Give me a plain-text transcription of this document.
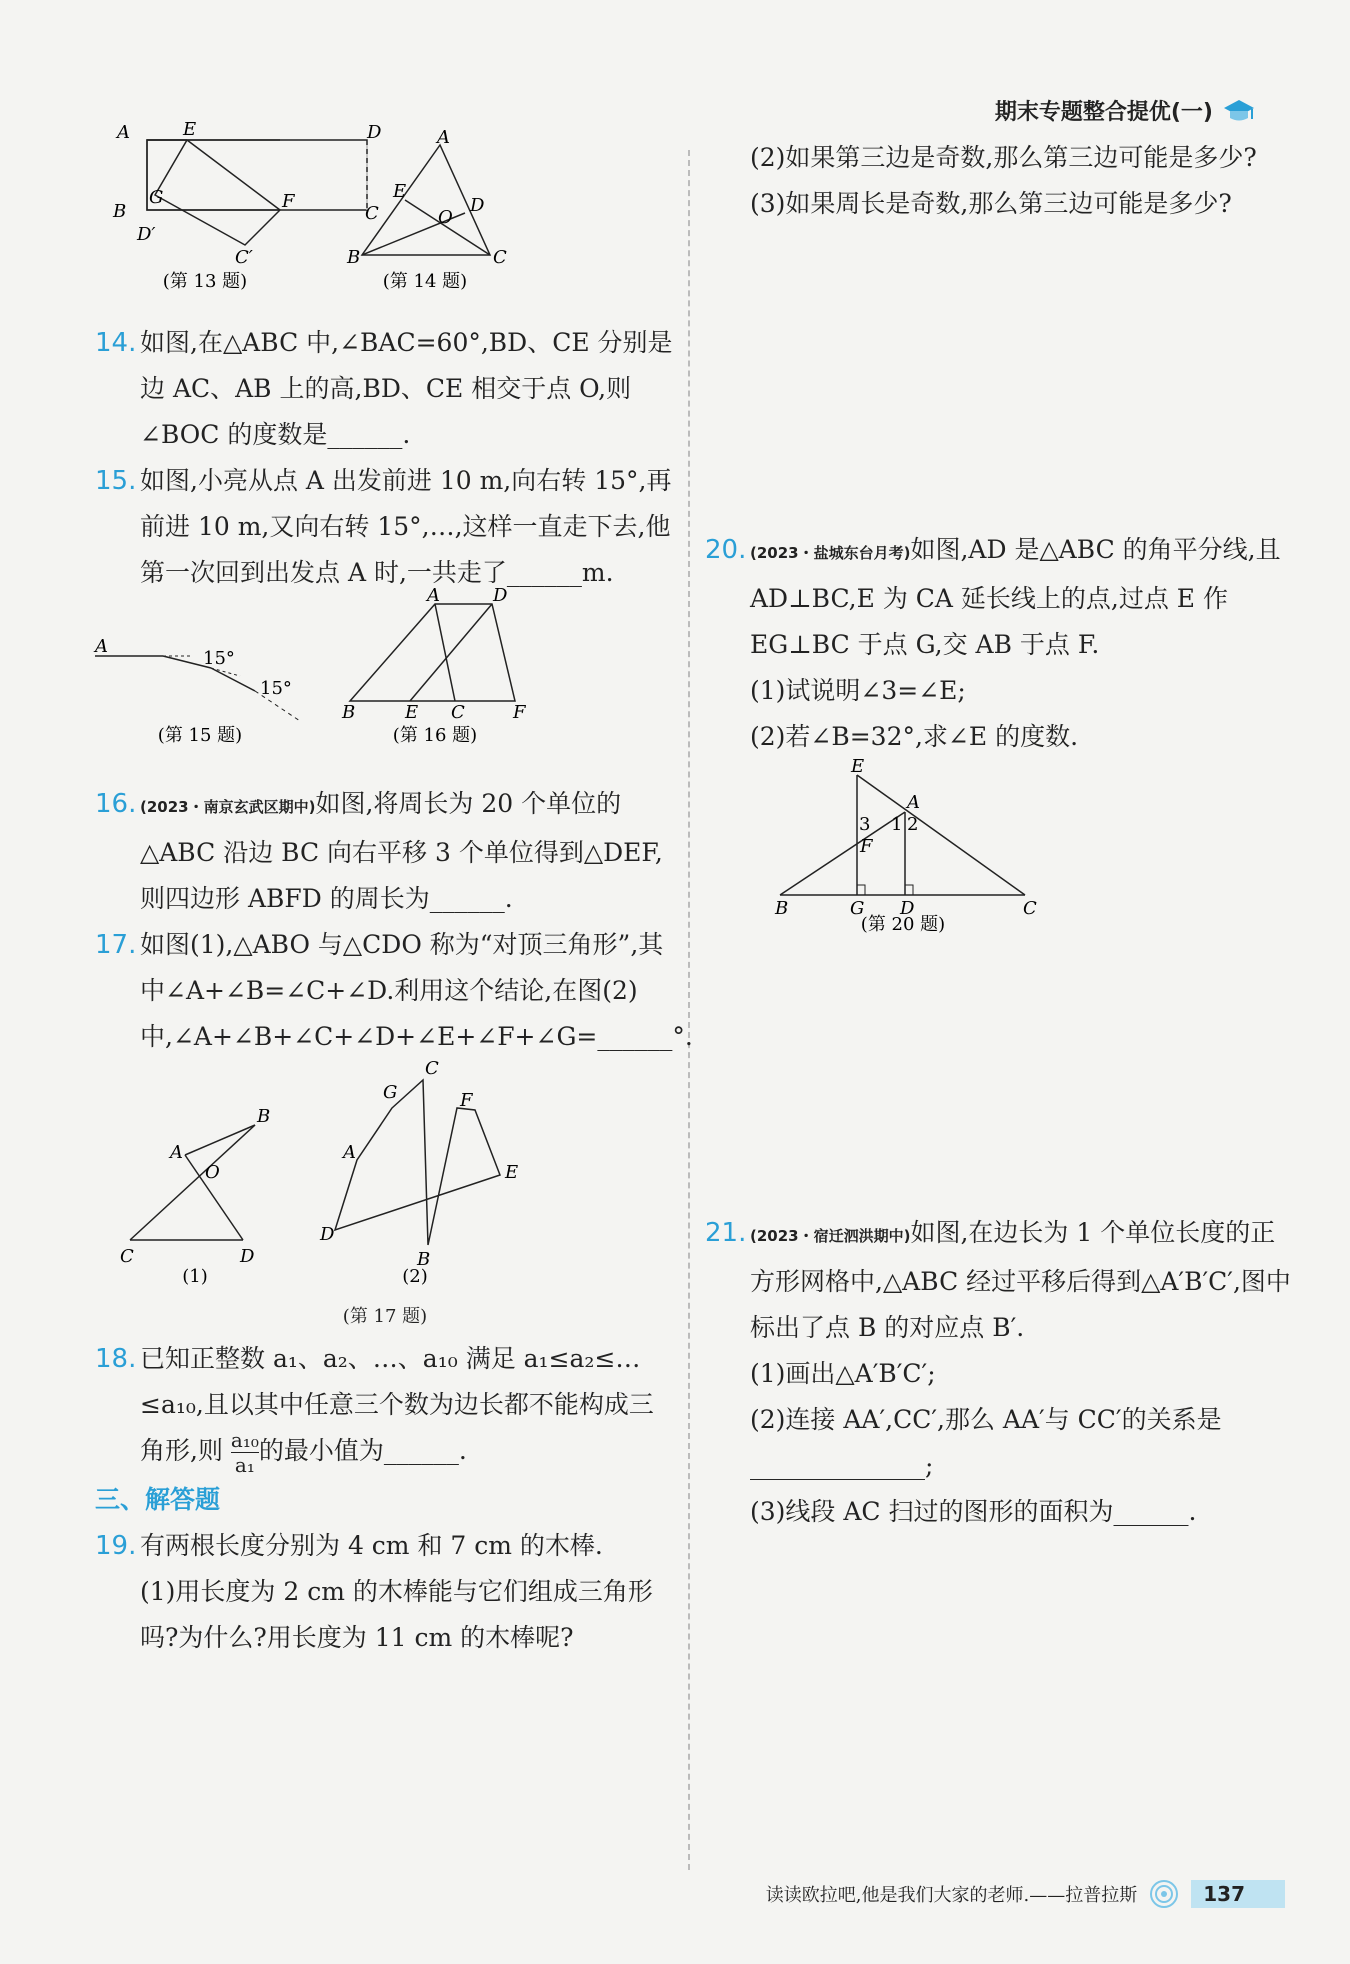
期末专题整合提优(一)
A	E	D
B
G	F
C
D′
C′
(第 13 题)
A
E
D
O
B	C
(第 14 题)
14. 如图,在△ABC 中,∠BAC=60°,BD、CE 分别是边 AC、AB 上的高,BD、CE 相交于点 O,则∠BOC 的度数是______.
15. 如图,小亮从点 A 出发前进 10 m,向右转 15°,再前进 10 m,又向右转 15°,…,这样一直走下去,他第一次回到出发点 A 时,一共走了______m.
A
15°
15°
(第 15 题)
A	D
B	E C	F
(第 16 题)
16. (2023・南京玄武区期中)如图,将周长为 20 个单位的△ABC 沿边 BC 向右平移 3 个单位得到△DEF,则四边形 ABFD 的周长为______.
17. 如图(1),△ABO 与△CDO 称为“对顶三角形”,其中∠A+∠B=∠C+∠D.利用这个结论,在图(2)中,∠A+∠B+∠C+∠D+∠E+∠F+∠G=______°.
B
A
O
C	D
(1)
G
C
F
E
A
D
B
(2)
(第 17 题)
18. 已知正整数 a₁、a₂、…、a₁₀ 满足 a₁≤a₂≤…≤a₁₀,且以其中任意三个数为边长都不能构成三角形,则 $\frac{\text{a₁₀}}{\text{a₁}}$ 的最小值为______.
三、解答题
19. 有两根长度分别为 4 cm 和 7 cm 的木棒.
(1)用长度为 2 cm 的木棒能与它们组成三角形吗?为什么?用长度为 11 cm 的木棒呢?
(2)如果第三边是奇数,那么第三边可能是多少?
(3)如果周长是奇数,那么第三边可能是多少?
20. (2023・盐城东台月考)如图,AD 是△ABC 的角平分线,且 AD⊥BC,E 为 CA 延长线上的点,过点 E 作 EG⊥BC 于点 G,交 AB 于点 F.
(1)试说明∠3=∠E;
(2)若∠B=32°,求∠E 的度数.
E
A
3 1 2
F
B	G D	C
(第 20 题)
21. (2023・宿迁泗洪期中)如图,在边长为 1 个单位长度的正方形网格中,△ABC 经过平移后得到△A′B′C′,图中标出了点 B 的对应点 B′.
(1)画出△A′B′C′;
(2)连接 AA′,CC′,那么 AA′与 CC′的关系是______________;
(3)线段 AC 扫过的图形的面积为______.
读读欧拉吧,他是我们大家的老师.——拉普拉斯	137
